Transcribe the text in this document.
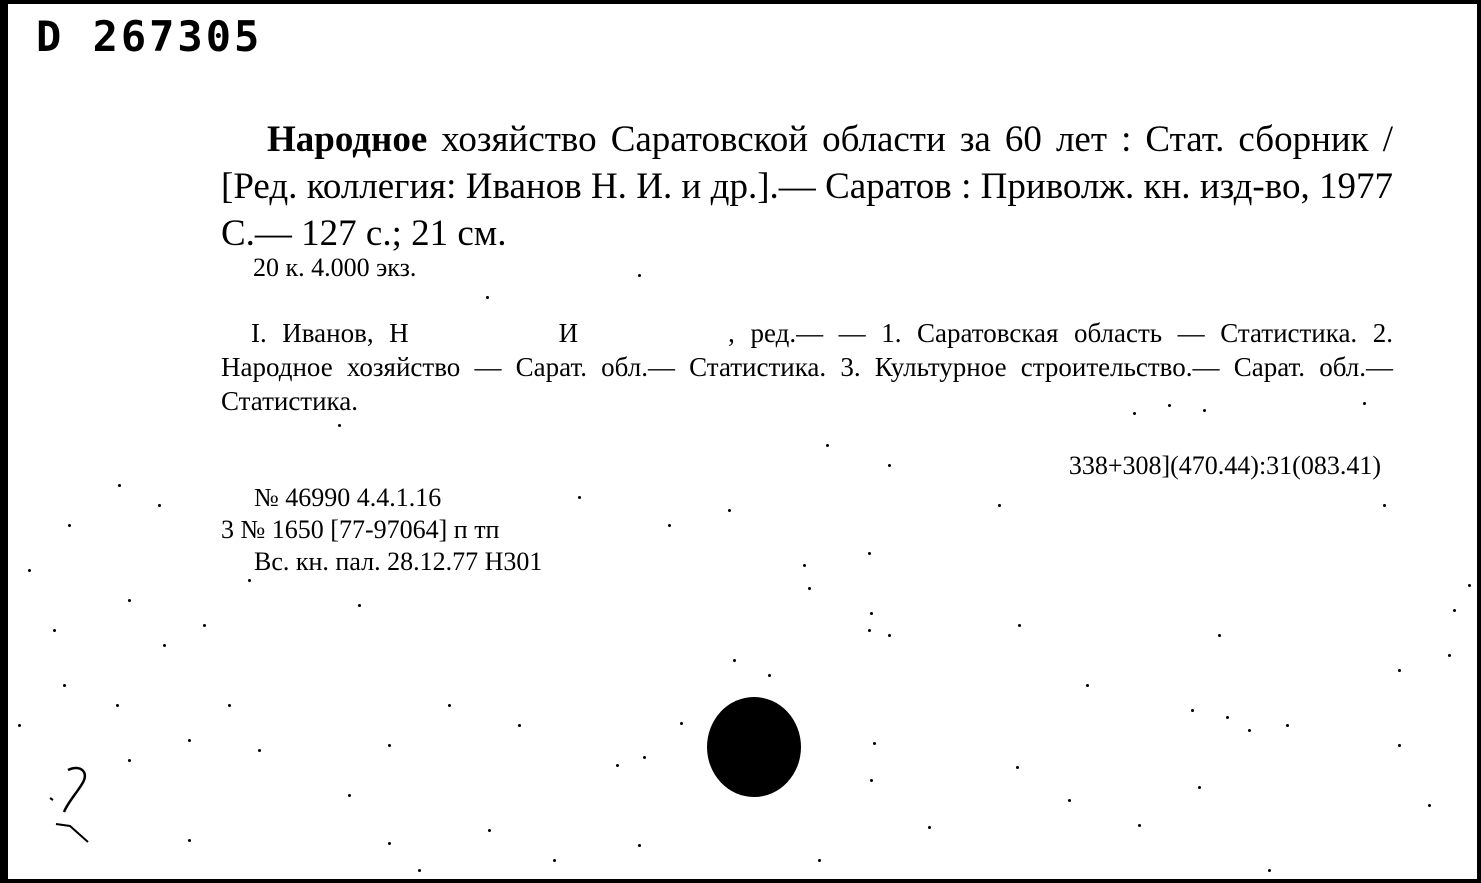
D 267305
Народное хозяйство Саратовской области за 60 лет : Стат. сборник / [Ред. коллегия: Иванов Н. И. и др.].— Саратов : Приволж. кн. изд-во, 1977 С.— 127 с.; 21 см.
20 к. 4.000 экз.
I. Иванов, Н	И	, ред.— — 1. Саратовская область — Статистика. 2. Народное хозяйство — Сарат. обл.— Статистика. 3. Культурное строительство.— Сарат. обл.— Статистика.
338+308](470.44):31(083.41)
№ 46990 4.4.1.16
3 № 1650 [77-97064] п тп
Вс. кн. пал. 28.12.77 Н301
